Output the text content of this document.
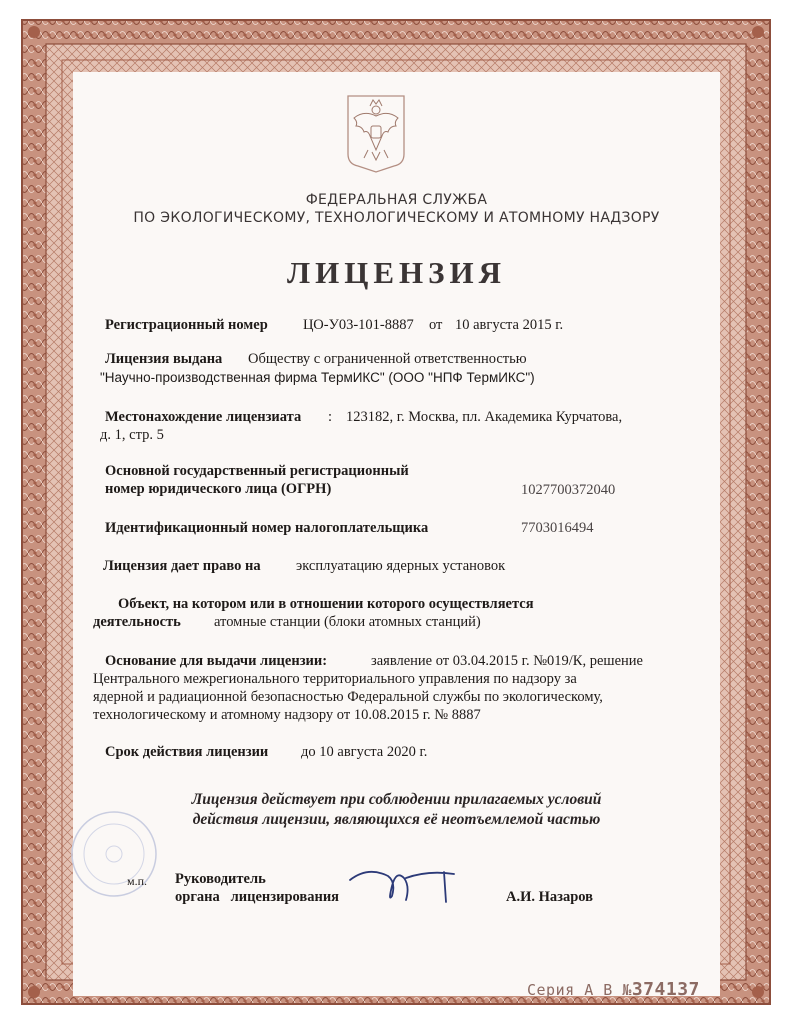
ФЕДЕРАЛЬНАЯ СЛУЖБА
ПО ЭКОЛОГИЧЕСКОМУ, ТЕХНОЛОГИЧЕСКОМУ И АТОМНОМУ НАДЗОРУ
ЛИЦЕНЗИЯ
Регистрационный номер ЦО-У03-101-8887 от 10 августа 2015 г.
Лицензия выдана Обществу с ограниченной ответственностью
"Научно-производственная фирма ТермИКС" (ООО "НПФ ТермИКС")
Местонахождение лицензиата : 123182, г. Москва, пл. Академика Курчатова,
д. 1, стр. 5
Основной государственный регистрационный
номер юридического лица (ОГРН)	1027700372040
Идентификационный номер налогоплательщика	7703016494
Лицензия дает право на эксплуатацию ядерных установок
Объект, на котором или в отношении которого осуществляется
деятельность атомные станции (блоки атомных станций)
Основание для выдачи лицензии:	заявление от 03.04.2015 г. №019/К, решение
Центрального межрегионального территориального управления по надзору за
ядерной и радиационной безопасностью Федеральной службы по экологическому,
технологическому и атомному надзору от 10.08.2015 г. № 8887
Срок действия лицензии до 10 августа 2020 г.
Лицензия действует при соблюдении прилагаемых условий
действия лицензии, являющихся её неотъемлемой частью
м.п. Руководитель
органа   лицензирования	А.И. Назаров
Серия А В №374137
